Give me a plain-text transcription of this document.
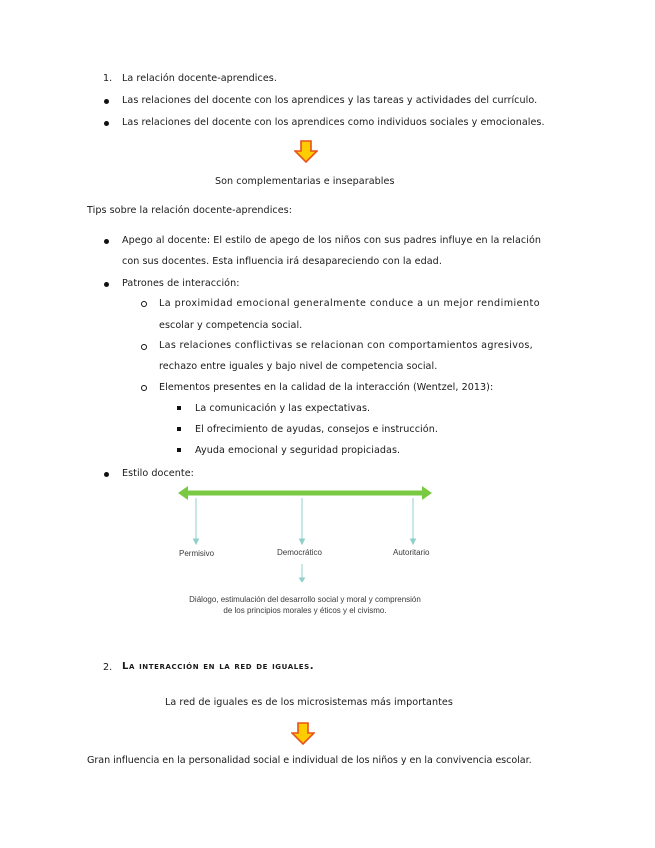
1. La relación docente-aprendices.
Las relaciones del docente con los aprendices y las tareas y actividades del currículo.
Las relaciones del docente con los aprendices como individuos sociales y emocionales.
Son complementarias e inseparables
Tips sobre la relación docente-aprendices:
Apego al docente: El estilo de apego de los niños con sus padres influye en la relación
con sus docentes. Esta influencia irá desapareciendo con la edad.
Patrones de interacción:
La proximidad emocional generalmente conduce a un mejor rendimiento
escolar y competencia social.
Las relaciones conflictivas se relacionan con comportamientos agresivos,
rechazo entre iguales y bajo nivel de competencia social.
Elementos presentes en la calidad de la interacción (Wentzel, 2013):
La comunicación y las expectativas.
El ofrecimiento de ayudas, consejos e instrucción.
Ayuda emocional y seguridad propiciadas.
Estilo docente:
Permisivo	Democrático	Autoritario
Diálogo, estimulación del desarrollo social y moral y comprensión
de los principios morales y éticos y el civismo.
2. La interacción en la red de iguales.
La red de iguales es de los microsistemas más importantes
Gran influencia en la personalidad social e individual de los niños y en la convivencia escolar.
